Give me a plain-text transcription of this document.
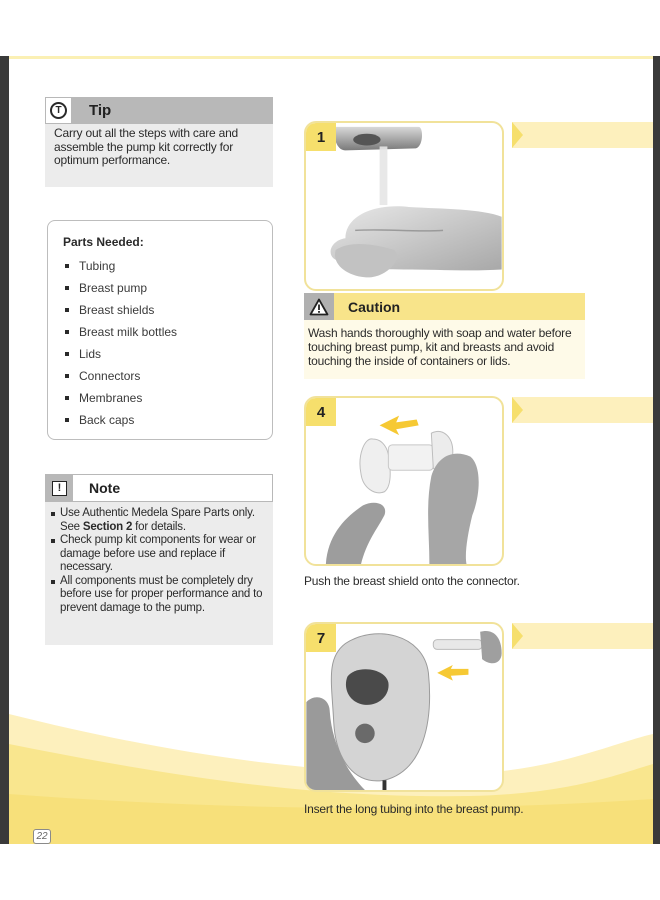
T	Tip
Carry out all the steps with care and assemble the pump kit correctly for optimum performance.
Parts Needed:
Tubing
Breast pump
Breast shields
Breast milk bottles
Lids
Connectors
Membranes
Back caps
!	Note
Use Authentic Medela Spare Parts only. See Section 2 for details.
Check pump kit components for wear or damage before use and replace if necessary.
All components must be completely dry before use for proper performance and to prevent damage to the pump.
1
Caution
Wash hands thoroughly with soap and water before touching breast pump, kit and breasts and avoid touching the inside of containers or lids.
4
Push the breast shield onto the connector.
7
Insert the long tubing into the breast pump.
22
